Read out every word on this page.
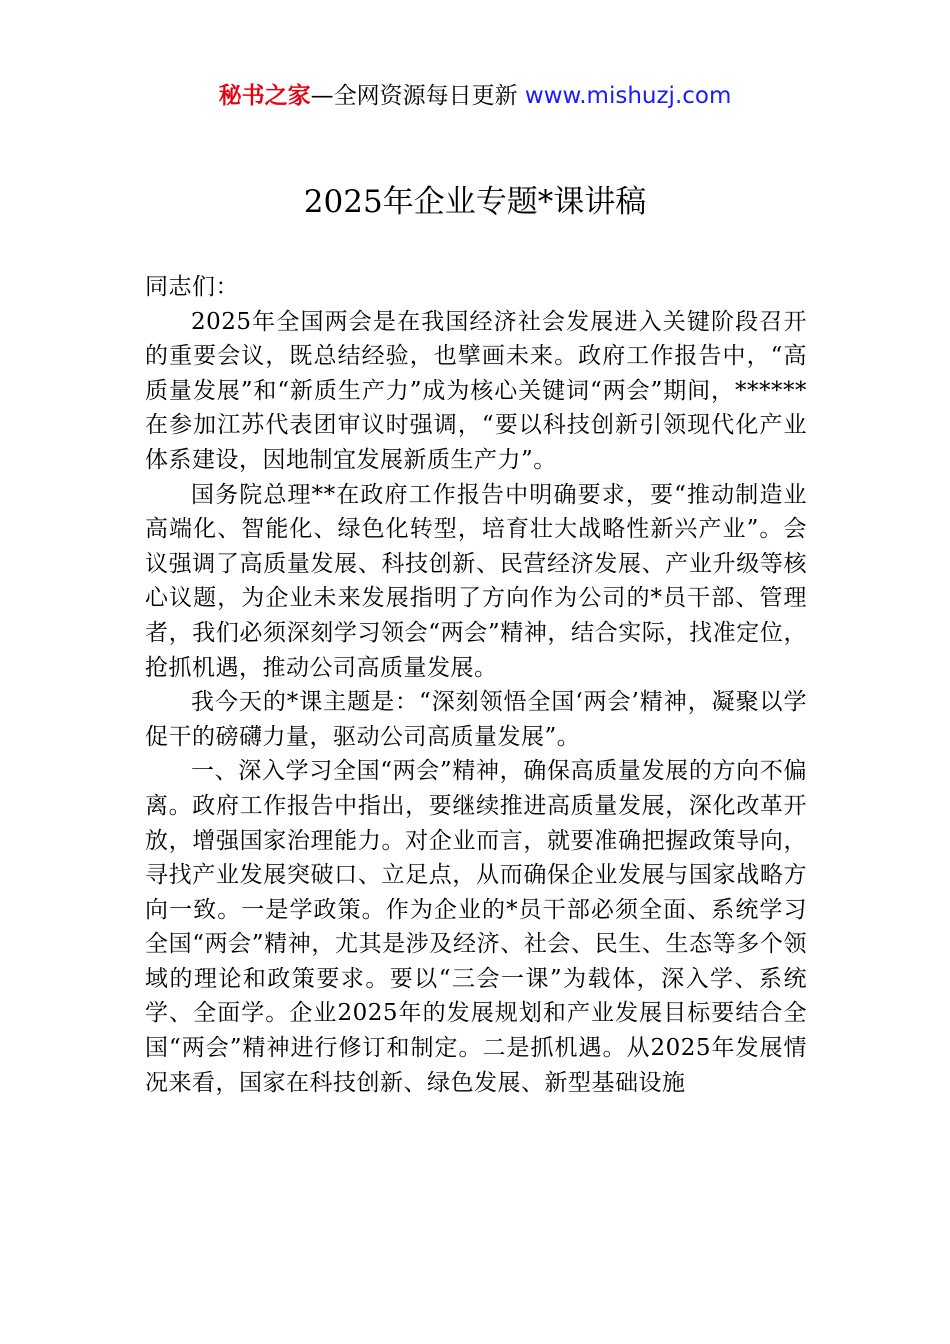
秘书之家—全网资源每日更新 www.mishuzj.com
2025年企业专题*课讲稿

同志们：

2025年全国两会是在我国经济社会发展进入关键阶段召开的重要会议，既总结经验，也擘画未来。政府工作报告中，“高质量发展”和“新质生产力”成为核心关键词“两会”期间，******在参加江苏代表团审议时强调，“要以科技创新引领现代化产业体系建设，因地制宜发展新质生产力”。

国务院总理**在政府工作报告中明确要求，要“推动制造业高端化、智能化、绿色化转型，培育壮大战略性新兴产业”。会议强调了高质量发展、科技创新、民营经济发展、产业升级等核心议题，为企业未来发展指明了方向作为公司的*员干部、管理者，我们必须深刻学习领会“两会”精神，结合实际，找准定位，抢抓机遇，推动公司高质量发展。

我今天的*课主题是：“深刻领悟全国‘两会’精神，凝聚以学促干的磅礴力量，驱动公司高质量发展”。

一、深入学习全国“两会”精神，确保高质量发展的方向不偏离。政府工作报告中指出，要继续推进高质量发展，深化改革开放，增强国家治理能力。对企业而言，就要准确把握政策导向，寻找产业发展突破口、立足点，从而确保企业发展与国家战略方向一致。一是学政策。作为企业的*员干部必须全面、系统学习全国“两会”精神，尤其是涉及经济、社会、民生、生态等多个领域的理论和政策要求。要以“三会一课”为载体，深入学、系统学、全面学。企业2025年的发展规划和产业发展目标要结合全国“两会”精神进行修订和制定。二是抓机遇。从2025年发展情况来看，国家在科技创新、绿色发展、新型基础设施
